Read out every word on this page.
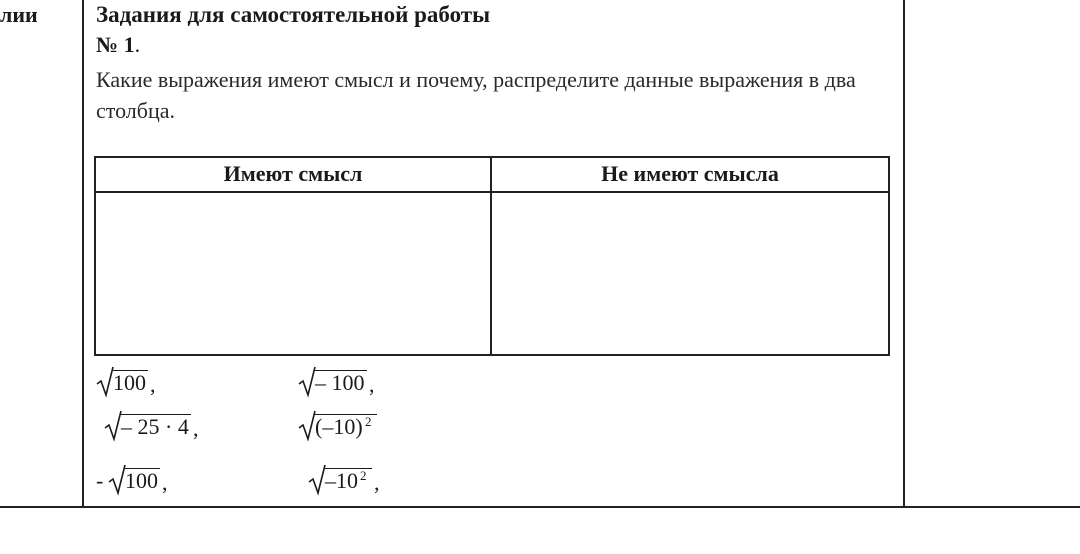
лии	Задания для самостоятельной работы
№ 1.
Какие выражения имеют смысл и почему, распределите данные выражения в два столбца.
Имеют смысл	Не имеют смысла
100 ,	– 100 ,
– 25 · 4 ,	(–10) 2
- 100 ,	–10 2 ,
